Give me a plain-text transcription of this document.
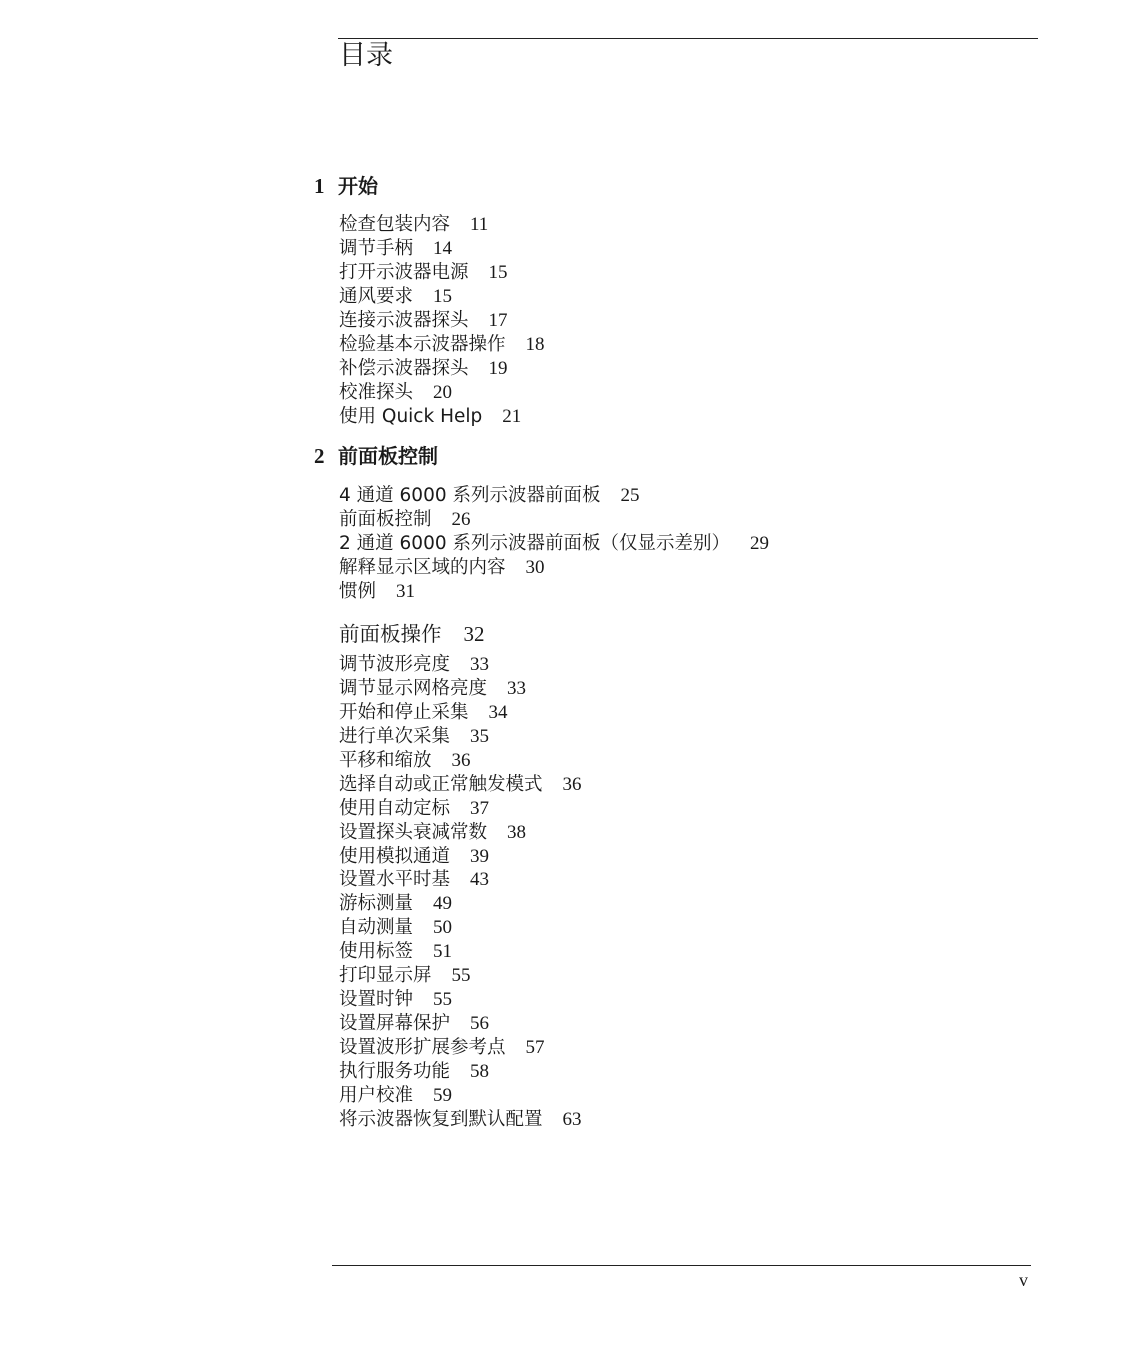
目录
1 开始
检查包装内容 11
调节手柄 14
打开示波器电源 15
通风要求 15
连接示波器探头 17
检验基本示波器操作 18
补偿示波器探头 19
校准探头 20
使用 Quick Help 21
2 前面板控制
4 通道 6000 系列示波器前面板 25
前面板控制 26
2 通道 6000 系列示波器前面板（仅显示差别） 29
解释显示区域的内容 30
惯例 31
前面板操作 32
调节波形亮度 33
调节显示网格亮度 33
开始和停止采集 34
进行单次采集 35
平移和缩放 36
选择自动或正常触发模式 36
使用自动定标 37
设置探头衰减常数 38
使用模拟通道 39
设置水平时基 43
游标测量 49
自动测量 50
使用标签 51
打印显示屏 55
设置时钟 55
设置屏幕保护 56
设置波形扩展参考点 57
执行服务功能 58
用户校准 59
将示波器恢复到默认配置 63
v
